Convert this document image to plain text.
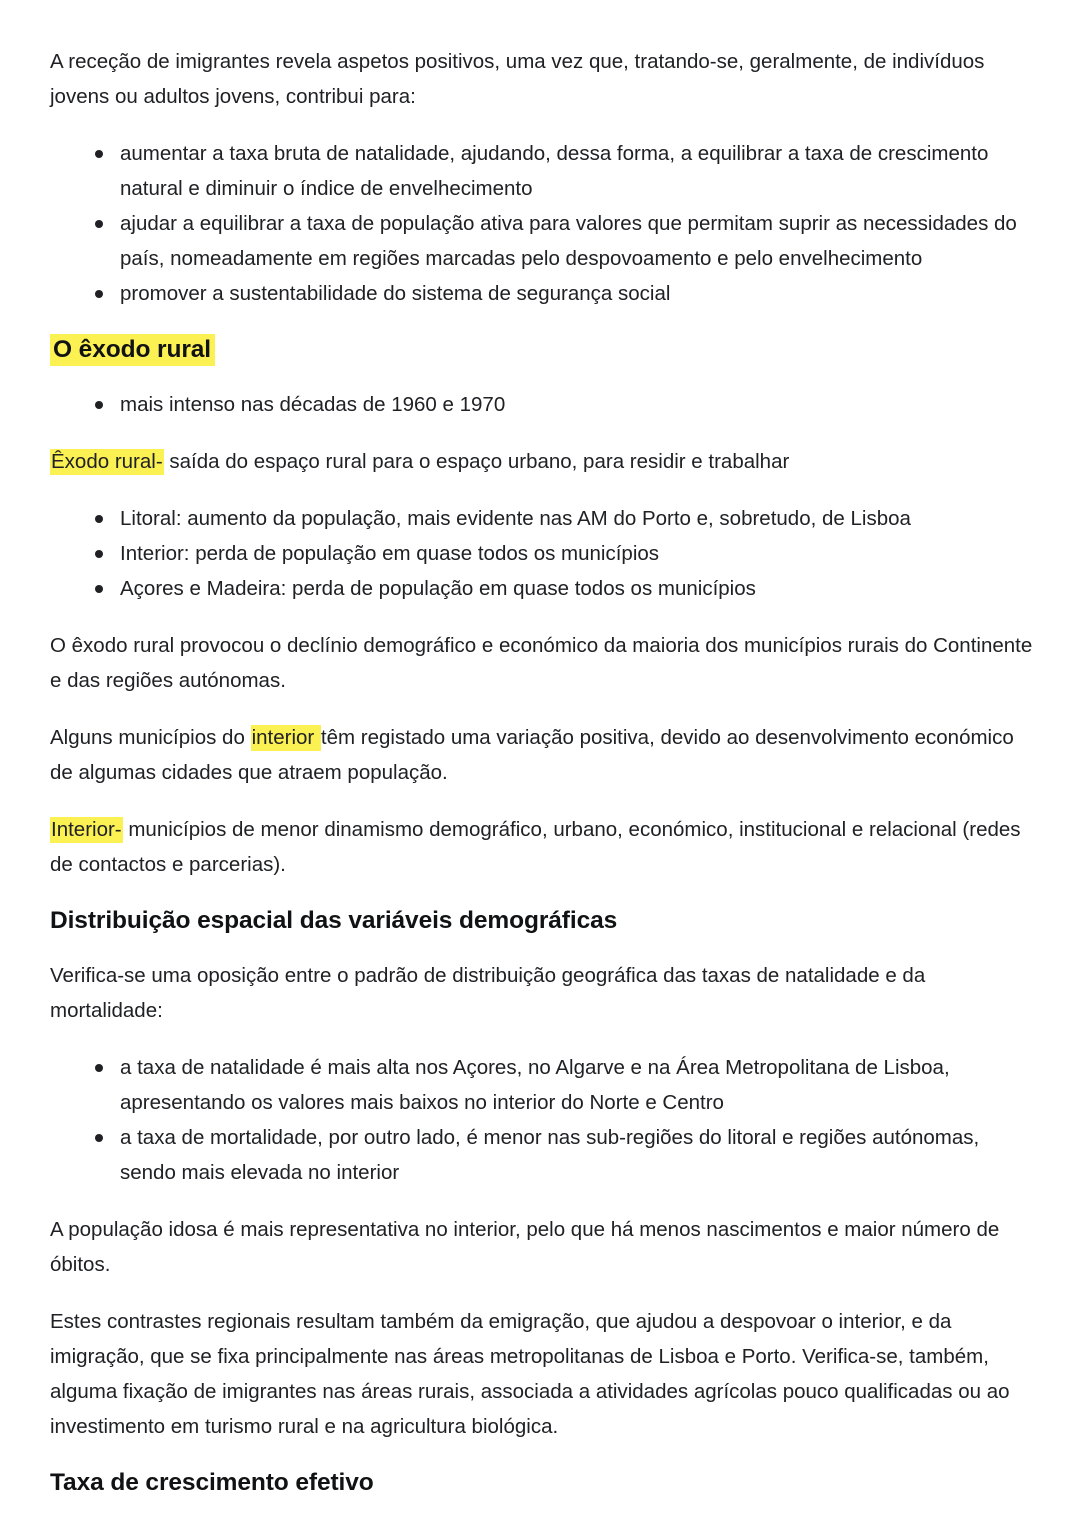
A receção de imigrantes revela aspetos positivos, uma vez que, tratando-se, geralmente, de indivíduos jovens ou adultos jovens, contribui para:

aumentar a taxa bruta de natalidade, ajudando, dessa forma, a equilibrar a taxa de crescimento natural e diminuir o índice de envelhecimento
ajudar a equilibrar a taxa de população ativa para valores que permitam suprir as necessidades do país, nomeadamente em regiões marcadas pelo despovoamento e pelo envelhecimento
promover a sustentabilidade do sistema de segurança social
O êxodo rural
mais intenso nas décadas de 1960 e 1970

Êxodo rural- saída do espaço rural para o espaço urbano, para residir e trabalhar

Litoral: aumento da população, mais evidente nas AM do Porto e, sobretudo, de Lisboa
Interior: perda de população em quase todos os municípios
Açores e Madeira: perda de população em quase todos os municípios

O êxodo rural provocou o declínio demográfico e económico da maioria dos municípios rurais do Continente e das regiões autónomas.

Alguns municípios do interior têm registado uma variação positiva, devido ao desenvolvimento económico de algumas cidades que atraem população.

Interior- municípios de menor dinamismo demográfico, urbano, económico, institucional e relacional (redes de contactos e parcerias).

Distribuição espacial das variáveis demográficas

Verifica-se uma oposição entre o padrão de distribuição geográfica das taxas de natalidade e da mortalidade:

a taxa de natalidade é mais alta nos Açores, no Algarve e na Área Metropolitana de Lisboa, apresentando os valores mais baixos no interior do Norte e Centro
a taxa de mortalidade, por outro lado, é menor nas sub-regiões do litoral e regiões autónomas, sendo mais elevada no interior

A população idosa é mais representativa no interior, pelo que há menos nascimentos e maior número de óbitos.

Estes contrastes regionais resultam também da emigração, que ajudou a despovoar o interior, e da imigração, que se fixa principalmente nas áreas metropolitanas de Lisboa e Porto. Verifica-se, também, alguma fixação de imigrantes nas áreas rurais, associada a atividades agrícolas pouco qualificadas ou ao investimento em turismo rural e na agricultura biológica.

Taxa de crescimento efetivo
